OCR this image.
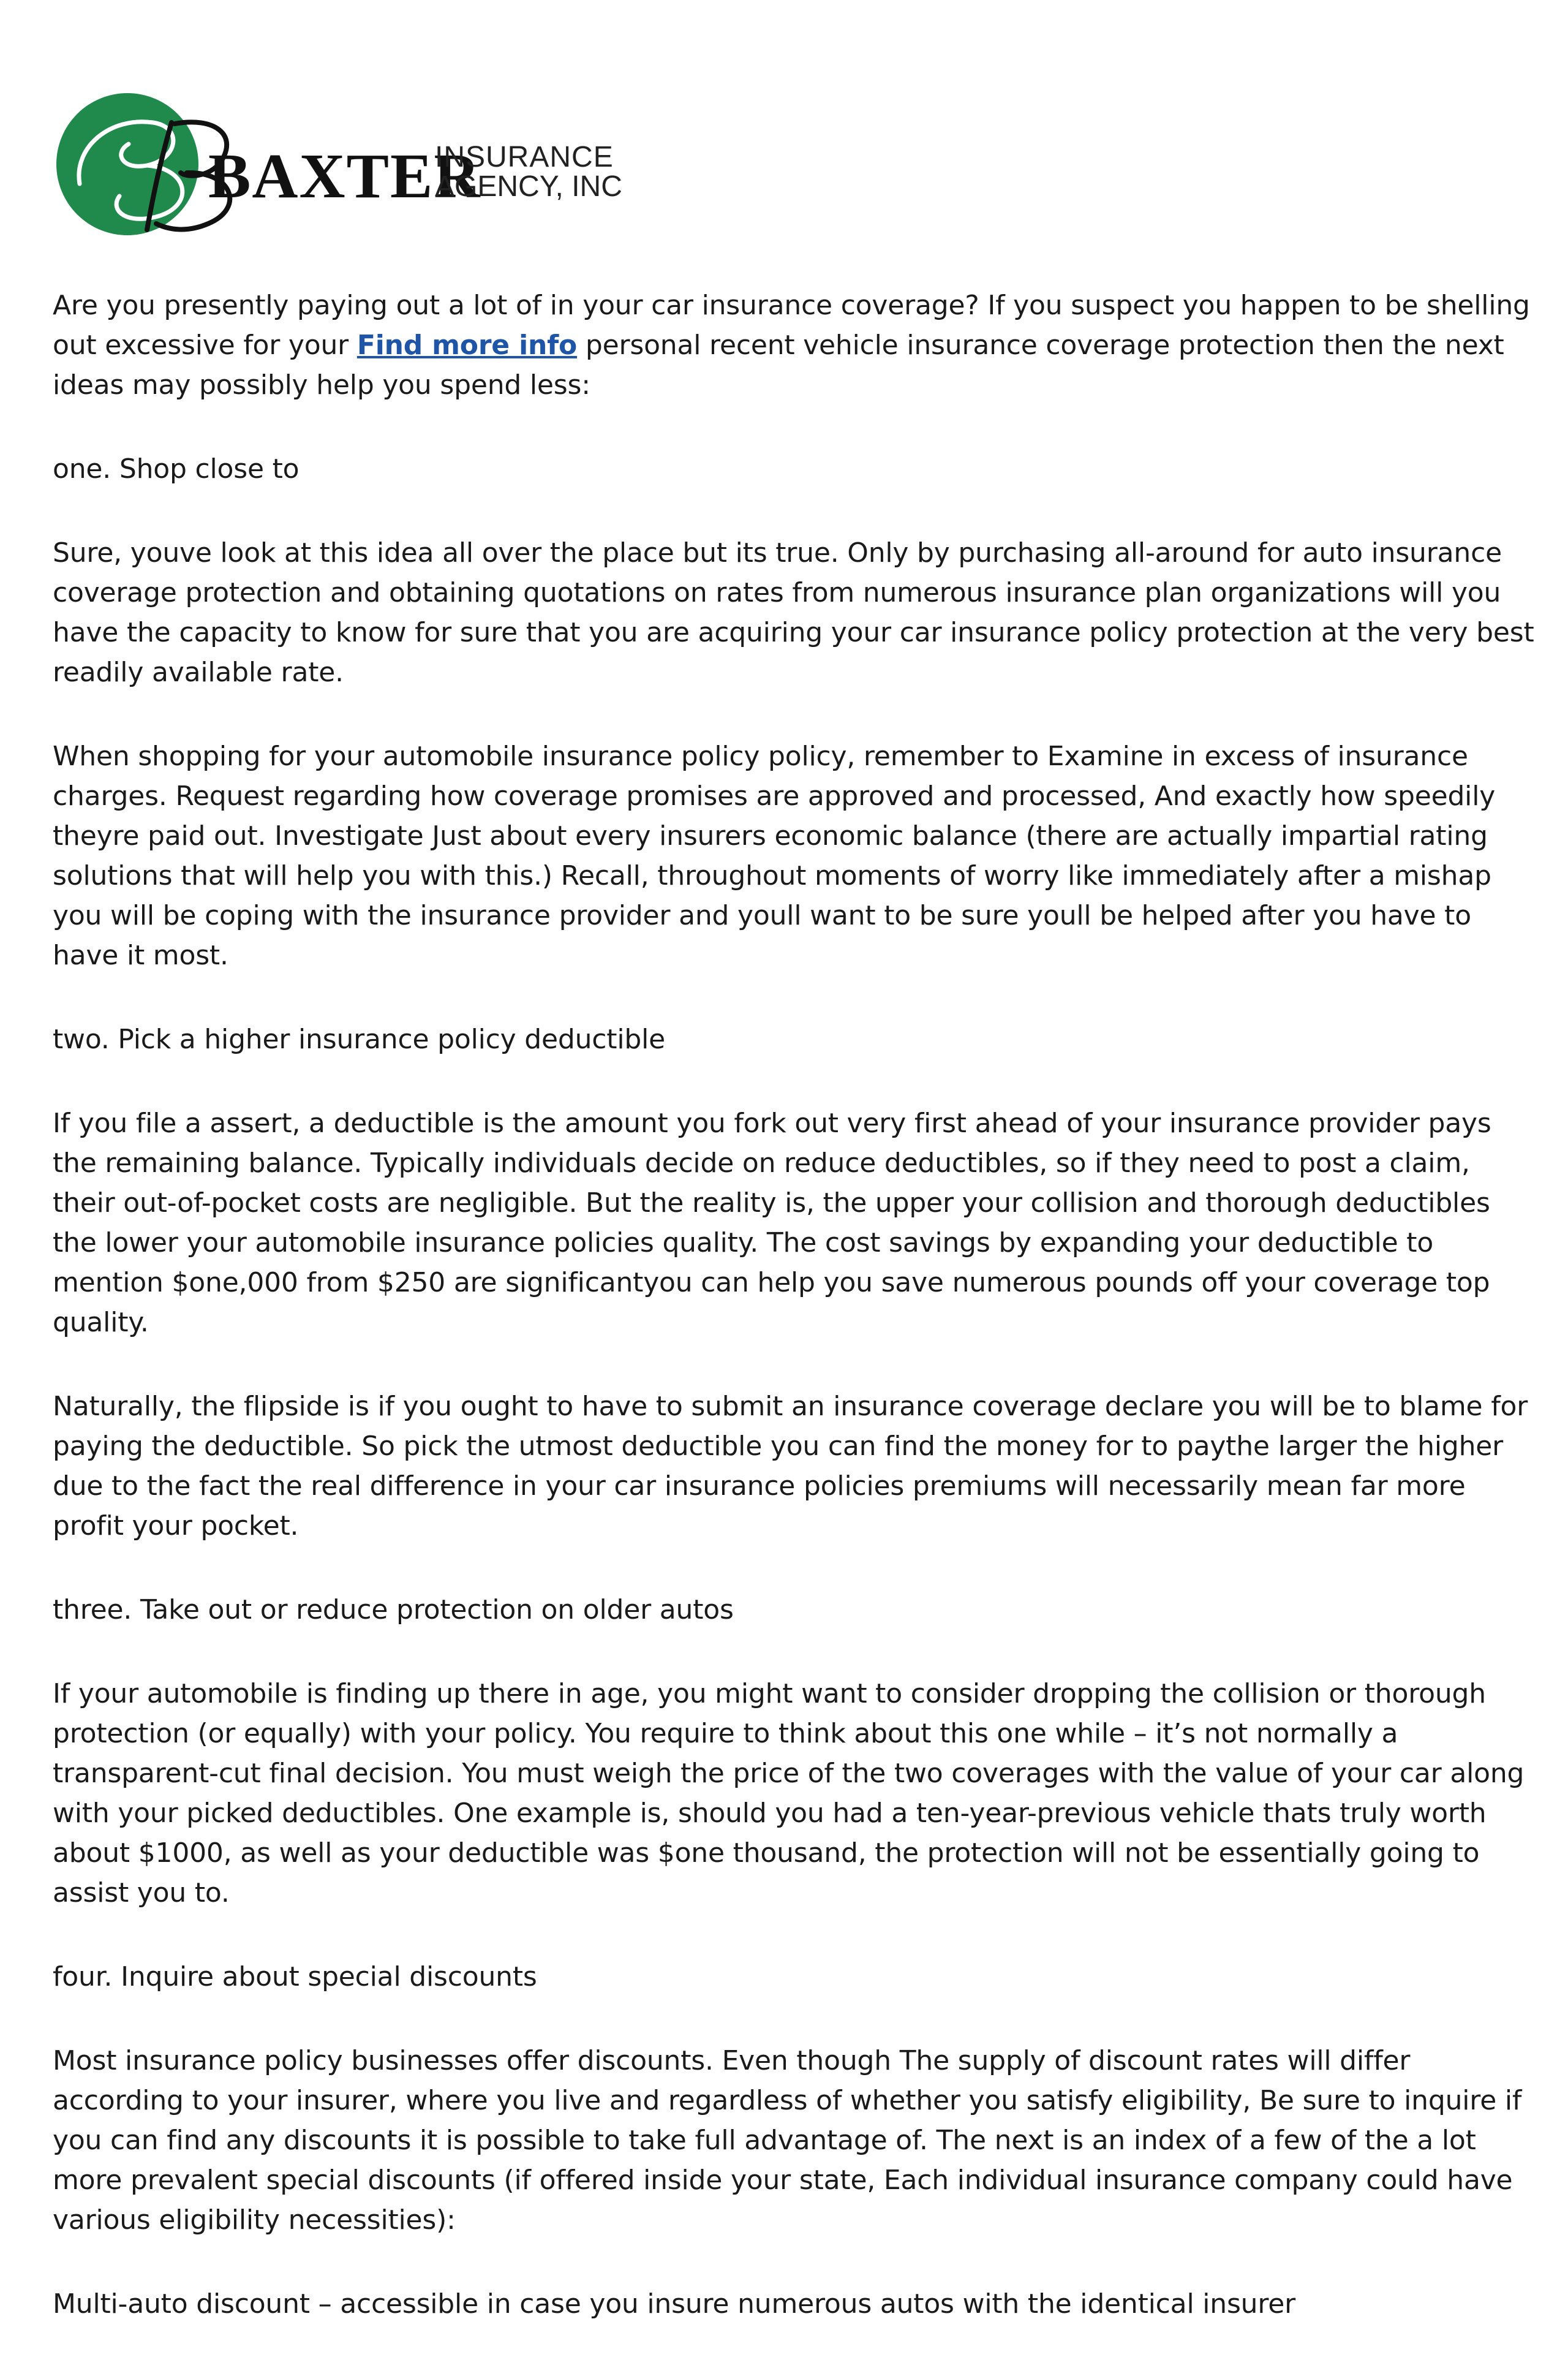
BAXTER
INSURANCE
AGENCY, INC

Are you presently paying out a lot of in your car insurance coverage? If you suspect you happen to be shelling out excessive for your Find more info personal recent vehicle insurance coverage protection then the next ideas may possibly help you spend less:

one. Shop close to

Sure, youve look at this idea all over the place but its true. Only by purchasing all-around for auto insurance coverage protection and obtaining quotations on rates from numerous insurance plan organizations will you have the capacity to know for sure that you are acquiring your car insurance policy protection at the very best readily available rate.

When shopping for your automobile insurance policy policy, remember to Examine in excess of insurance charges. Request regarding how coverage promises are approved and processed, And exactly how speedily theyre paid out. Investigate Just about every insurers economic balance (there are actually impartial rating solutions that will help you with this.) Recall, throughout moments of worry like immediately after a mishap you will be coping with the insurance provider and youll want to be sure youll be helped after you have to have it most.

two. Pick a higher insurance policy deductible

If you file a assert, a deductible is the amount you fork out very first ahead of your insurance provider pays the remaining balance. Typically individuals decide on reduce deductibles, so if they need to post a claim, their out-of-pocket costs are negligible. But the reality is, the upper your collision and thorough deductibles the lower your automobile insurance policies quality. The cost savings by expanding your deductible to mention $one,000 from $250 are significantyou can help you save numerous pounds off your coverage top quality.

Naturally, the flipside is if you ought to have to submit an insurance coverage declare you will be to blame for paying the deductible. So pick the utmost deductible you can find the money for to paythe larger the higher due to the fact the real difference in your car insurance policies premiums will necessarily mean far more profit your pocket.

three. Take out or reduce protection on older autos

If your automobile is finding up there in age, you might want to consider dropping the collision or thorough protection (or equally) with your policy. You require to think about this one while – it’s not normally a transparent-cut final decision. You must weigh the price of the two coverages with the value of your car along with your picked deductibles. One example is, should you had a ten-year-previous vehicle thats truly worth about $1000, as well as your deductible was $one thousand, the protection will not be essentially going to assist you to.

four. Inquire about special discounts

Most insurance policy businesses offer discounts. Even though The supply of discount rates will differ according to your insurer, where you live and regardless of whether you satisfy eligibility, Be sure to inquire if you can find any discounts it is possible to take full advantage of. The next is an index of a few of the a lot more prevalent special discounts (if offered inside your state, Each individual insurance company could have various eligibility necessities):

Multi-auto discount – accessible in case you insure numerous autos with the identical insurer
